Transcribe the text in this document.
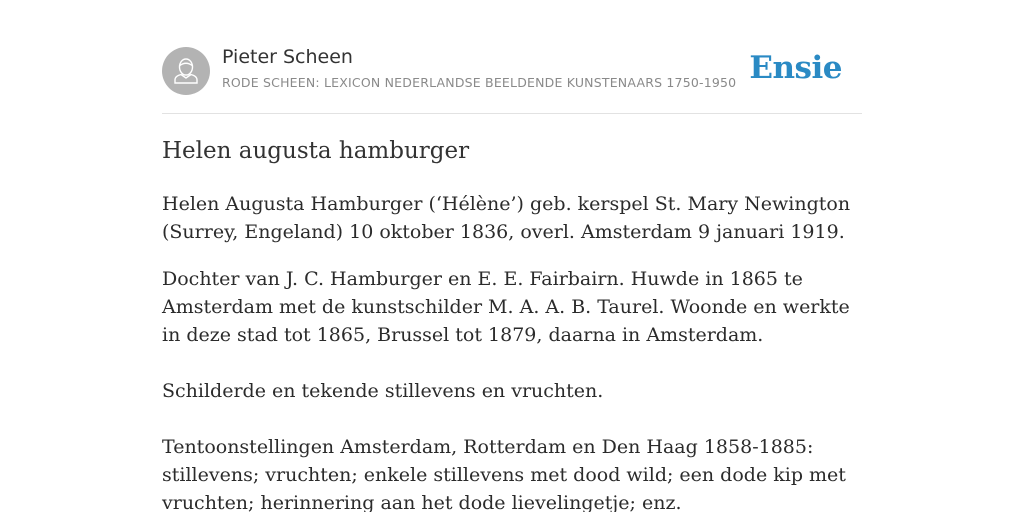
Pieter Scheen
RODE SCHEEN: LEXICON NEDERLANDSE BEELDENDE KUNSTENAARS 1750-1950 Ensie
Helen augusta hamburger

Helen Augusta Hamburger (‘Hélène’) geb. kerspel St. Mary Newington (Surrey, Engeland) 10 oktober 1836, overl. Amsterdam 9 januari 1919.

Dochter van J. C. Hamburger en E. E. Fairbairn. Huwde in 1865 te Amsterdam met de kunstschilder M. A. A. B. Taurel. Woonde en werkte in deze stad tot 1865, Brussel tot 1879, daarna in Amsterdam.

Schilderde en tekende stillevens en vruchten.

Tentoonstellingen Amsterdam, Rotterdam en Den Haag 1858-1885: stillevens; vruchten; enkele stillevens met dood wild; een dode kip met vruchten; herinnering aan het dode lievelingetje; enz.
